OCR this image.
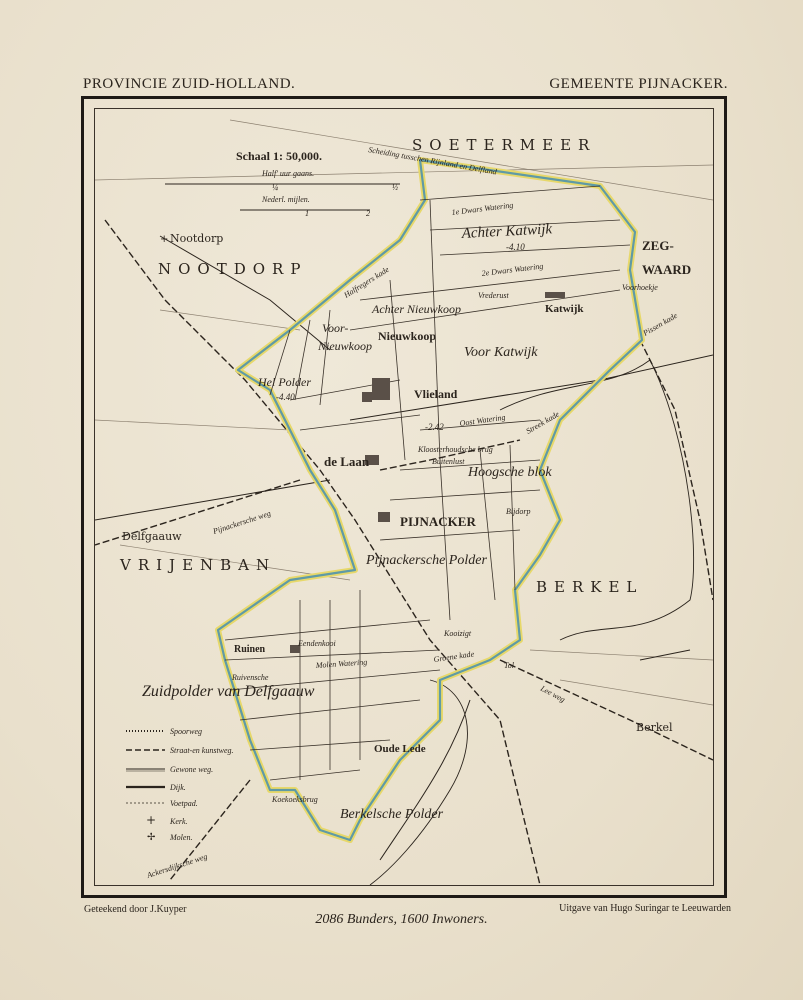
PROVINCIE ZUID-HOLLAND.	GEMEENTE PIJNACKER.
Schaal 1: 50,000.
Half' uur gaans.
¼	½
Nederl. mijlen.
1	2
SOETERMEER
NOOTDORP
ZEG-
WAARD
VRIJENBAN
BERKEL
+ Nootdorp
Nieuwkoop
Vlieland
de Laan
PIJNACKER
Katwijk
Delfgaauw
Berkel
Oude Lede
Ruinen
Achter Katwijk
-4.10
Achter Nieuwkoop
Voor-
Nieuwkoop	Voor Katwijk
Hel Polder
-4.40
Hoogsche blok
Pijnackersche Polder
Zuidpolder van Delfgaauw
Berkelsche Polder
-2.42
Scheiding tusschen Rijnland en Delfland
1e Dwars Watering
2e Dwars Watering
Halfregers kade	Vrederust
Voorhoekje
Pissen kade
Oost Watering Streek kade
Kloosterhoudsche brug
Buitenlust
Bijdorp
Kooizigt
Groene kade
Tol
Lee weg
Eendenkooi
Molen Watering
Ruivensche
Koekoeksbrug
Ackersdijksche weg
Pijnackersche weg
Spoorweg
Straat-en kunstweg.
Gewone weg.
Dijk.
Voetpad.
+ Kerk.
✢ Molen.
Geteekend door J.Kuyper	Uitgave van Hugo Suringar te Leeuwarden
2086 Bunders, 1600 Inwoners.
